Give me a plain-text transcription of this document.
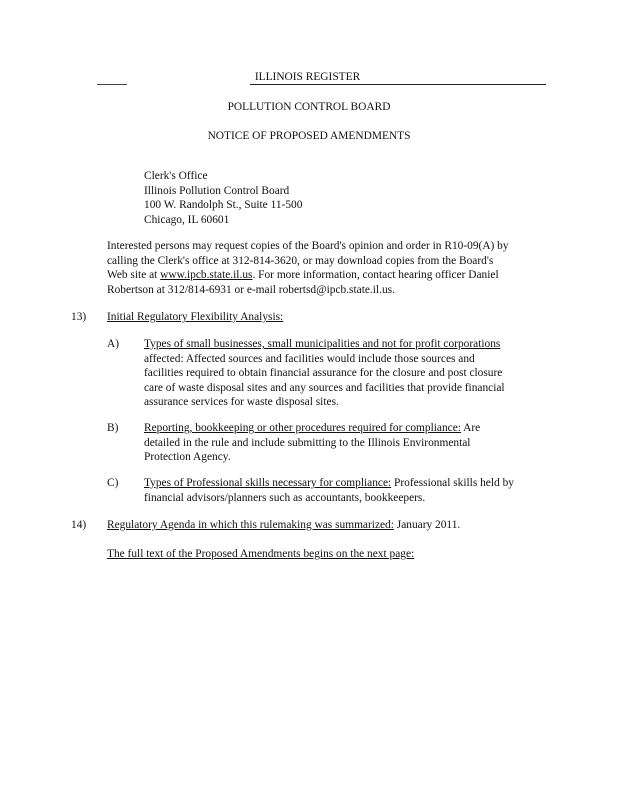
ILLINOIS REGISTER
POLLUTION CONTROL BOARD
NOTICE OF PROPOSED AMENDMENTS
Clerk's Office
Illinois Pollution Control Board
100 W. Randolph St., Suite 11-500
Chicago, IL 60601
Interested persons may request copies of the Board's opinion and order in R10-09(A) by
calling the Clerk's office at 312-814-3620, or may download copies from the Board's
Web site at www.ipcb.state.il.us. For more information, contact hearing officer Daniel
Robertson at 312/814-6931 or e-mail robertsd@ipcb.state.il.us.
13) Initial Regulatory Flexibility Analysis:
A) Types of small businesses, small municipalities and not for profit corporations
affected: Affected sources and facilities would include those sources and
facilities required to obtain financial assurance for the closure and post closure
care of waste disposal sites and any sources and facilities that provide financial
assurance services for waste disposal sites.
B) Reporting, bookkeeping or other procedures required for compliance: Are
detailed in the rule and include submitting to the Illinois Environmental
Protection Agency.
C) Types of Professional skills necessary for compliance: Professional skills held by
financial advisors/planners such as accountants, bookkeepers.
14) Regulatory Agenda in which this rulemaking was summarized: January 2011.
The full text of the Proposed Amendments begins on the next page:
